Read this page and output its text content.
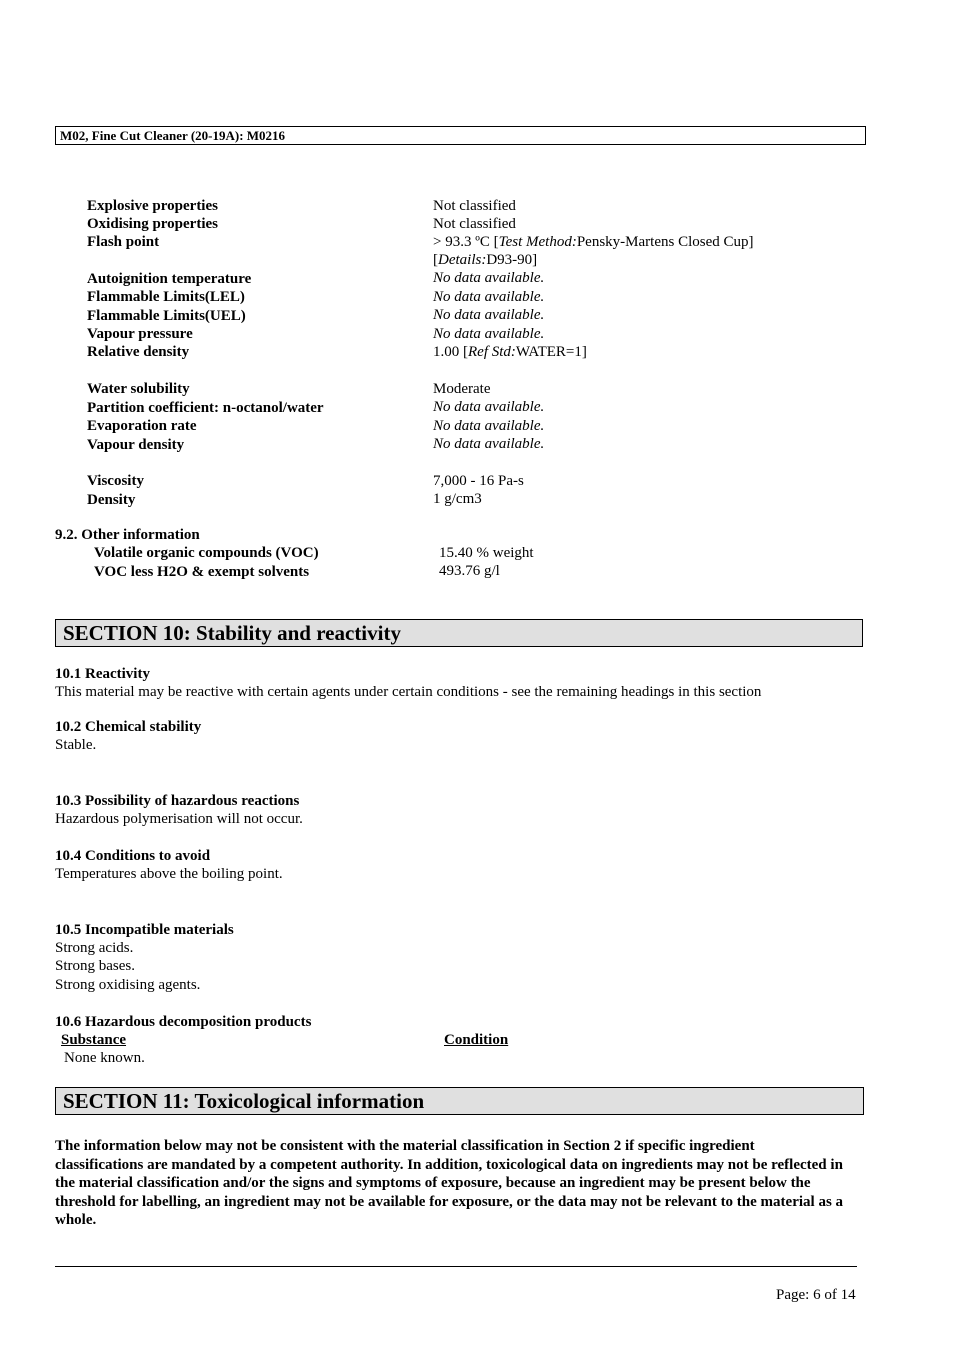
M02, Fine Cut Cleaner (20-19A): M0216
Explosive properties	Not classified
Oxidising properties	Not classified
Flash point	> 93.3 ºC [Test Method:Pensky-Martens Closed Cup]
[Details:D93-90]
Autoignition temperature	No data available.
Flammable Limits(LEL)	No data available.
Flammable Limits(UEL)	No data available.
Vapour pressure	No data available.
Relative density	1.00 [Ref Std:WATER=1]
Water solubility	Moderate
Partition coefficient: n-octanol/water	No data available.
Evaporation rate	No data available.
Vapour density	No data available.
Viscosity	7,000 - 16 Pa-s
Density	1 g/cm3
9.2. Other information
Volatile organic compounds (VOC)	15.40 % weight
VOC less H2O & exempt solvents	493.76 g/l
SECTION 10: Stability and reactivity
10.1 Reactivity
This material may be reactive with certain agents under certain conditions - see the remaining headings in this section
10.2 Chemical stability
Stable.
10.3 Possibility of hazardous reactions
Hazardous polymerisation will not occur.
10.4 Conditions to avoid
Temperatures above the boiling point.
10.5 Incompatible materials
Strong acids.
Strong bases.
Strong oxidising agents.
10.6 Hazardous decomposition products
Substance	Condition
None known.
SECTION 11: Toxicological information
The information below may not be consistent with the material classification in Section 2 if specific ingredient classifications are mandated by a competent authority. In addition, toxicological data on ingredients may not be reflected in the material classification and/or the signs and symptoms of exposure, because an ingredient may be present below the threshold for labelling, an ingredient may not be available for exposure, or the data may not be relevant to the material as a whole.
Page: 6 of 14
